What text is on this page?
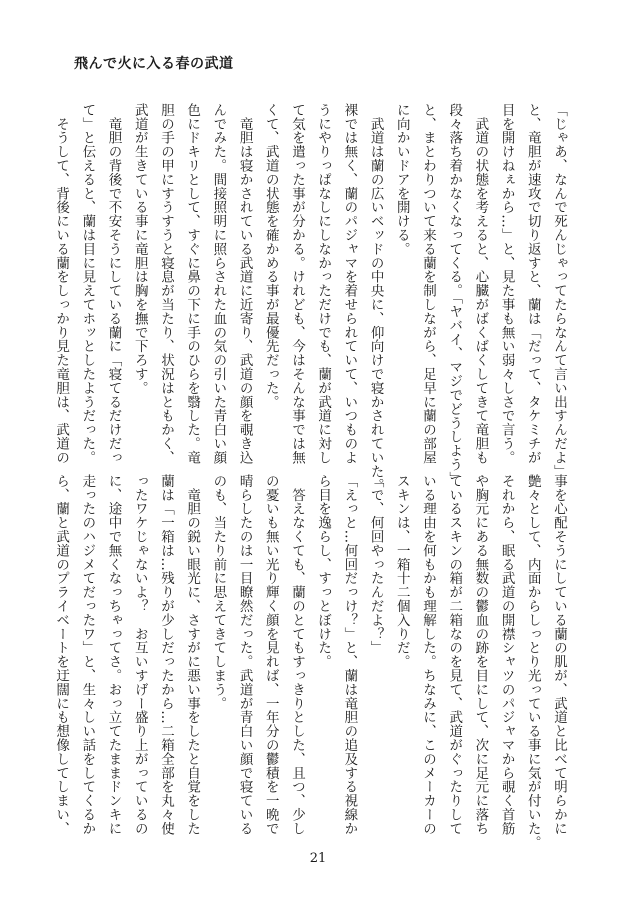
飛んで火に入る春の武道

「じゃあ、なんで死んじゃってたらなんて言い出すんだよ」

と、竜胆が速攻で切り返すと、蘭は「だって、タケミチが

目を開けねぇから…」と、見た事も無い弱々しさで言う。

　武道の状態を考えると、心臓がばくばくしてきて竜胆も

段々落ち着かなくなってくる。「ヤバイ、マジでどうしよう」

と、まとわりついて来る蘭を制しながら、足早に蘭の部屋

に向かいドアを開ける。

　武道は蘭の広いベッドの中央に、仰向けで寝かされていた。

裸では無く、蘭のパジャマを着せられていて、いつものよ

うにやりっぱなしにしなかっただけでも、蘭が武道に対し

て気を遣った事が分かる。けれども、今はそんな事では無

くて、武道の状態を確かめる事が最優先だった。

　竜胆は寝かされている武道に近寄り、武道の顔を覗き込

んでみた。間接照明に照らされた血の気の引いた青白い顔

色にドキリとして、すぐに鼻の下に手のひらを翳した。竜

胆の手の甲にすうすうと寝息が当たり、状況はともかく、

武道が生きている事に竜胆は胸を撫で下ろす。

　竜胆の背後で不安そうにしている蘭に「寝てるだけだっ

て」と伝えると、蘭は目に見えてホッとしたようだった。

　そうして、背後にいる蘭をしっかり見た竜胆は、武道の

事を心配そうにしている蘭の肌が、武道と比べて明らかに

艶々として、内面からしっとり光っている事に気が付いた。

それから、眠る武道の開襟シャツのパジャマから覗く首筋

や胸元にある無数の鬱血の跡を目にして、次に足元に落ち

ているスキンの箱が二箱なのを見て、武道がぐったりして

いる理由を何もかも理解した。ちなみに、このメーカーの

スキンは、一箱十二個入りだ。

「で、何回やったんだよ？」

「えっと…何回だっけ？」と、蘭は竜胆の追及する視線か

ら目を逸らし、すっとぼけた。

　答えなくても、蘭のとてもすっきりとした、且つ、少し

の憂いも無い光り輝く顔を見れば、一年分の鬱積を一晩で

晴らしたのは一目瞭然だった。武道が青白い顔で寝ている

のも、当たり前に思えてきてしまう。

　竜胆の鋭い眼光に、さすがに悪い事をしたと自覚をした

蘭は「一箱は…残りが少しだったから…二箱全部を丸々使

ったワケじゃないよ？　お互いすげー盛り上がっているの

に、途中で無くなっちゃってさ。おっ立てたままドンキに

走ったのハジメてだったワ」と、生々しい話をしてくるか

ら、蘭と武道のプライベートを迂闊にも想像してしまい、

21
